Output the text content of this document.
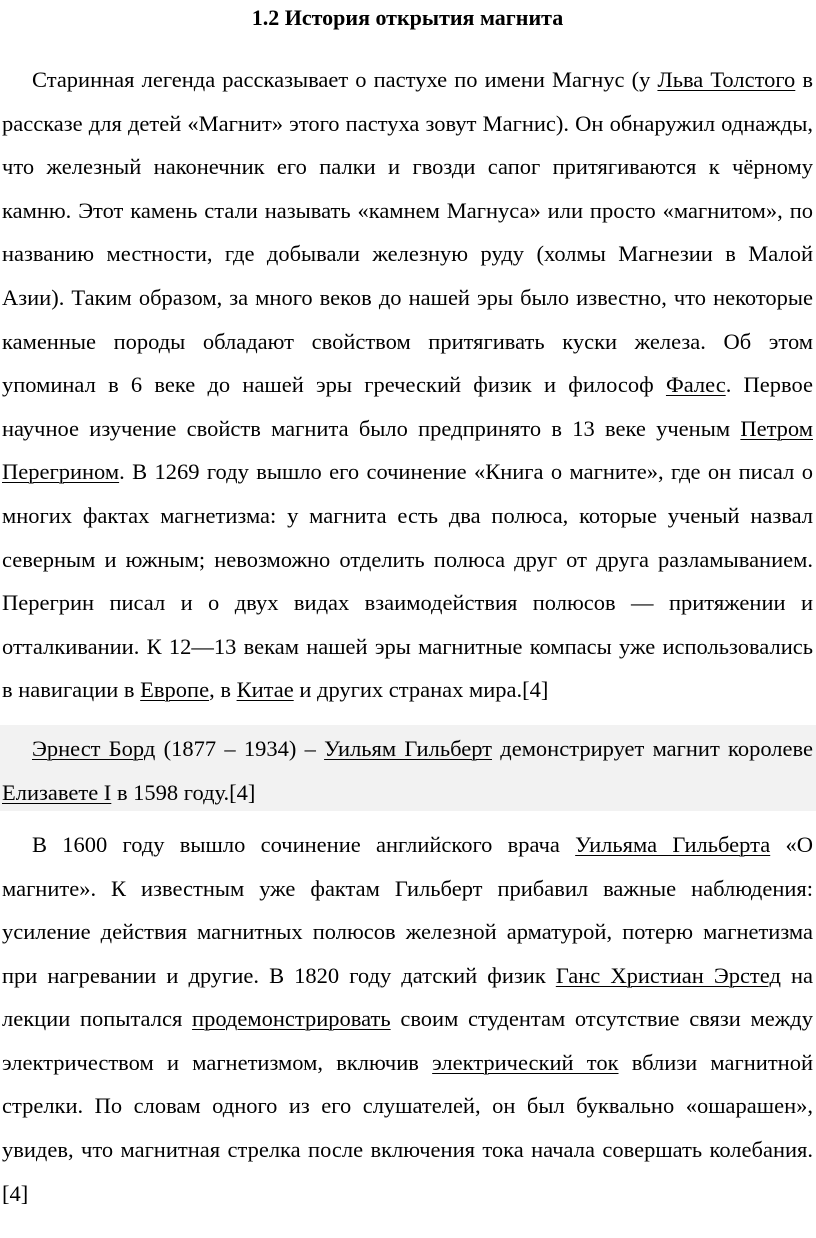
1.2 История открытия магнита

Старинная легенда рассказывает о пастухе по имени Магнус (у Льва Толстого в рассказе для детей «Магнит» этого пастуха зовут Магнис). Он обнаружил однажды, что железный наконечник его палки и гвозди сапог притягиваются к чёрному камню. Этот камень стали называть «камнем Магнуса» или просто «магнитом», по названию местности, где добывали железную руду (холмы Магнезии в Малой Азии). Таким образом, за много веков до нашей эры было известно, что некоторые каменные породы обладают свойством притягивать куски железа. Об этом упоминал в 6 веке до нашей эры греческий физик и философ Фалес. Первое научное изучение свойств магнита было предпринято в 13 веке ученым Петром Перегрином. В 1269 году вышло его сочинение «Книга о магните», где он писал о многих фактах магнетизма: у магнита есть два полюса, которые ученый назвал северным и южным; невозможно отделить полюса друг от друга разламыванием. Перегрин писал и о двух видах взаимодействия полюсов — притяжении и отталкивании. К 12—13 векам нашей эры магнитные компасы уже использовались в навигации в Европе, в Китае и других странах мира.[4]

Эрнест Борд (1877 – 1934) – Уильям Гильберт демонстрирует магнит королеве Елизавете I в 1598 году.[4]

В 1600 году вышло сочинение английского врача Уильяма Гильберта «О магните». К известным уже фактам Гильберт прибавил важные наблюдения: усиление действия магнитных полюсов железной арматурой, потерю магнетизма при нагревании и другие. В 1820 году датский физик Ганс Христиан Эрстед на лекции попытался продемонстрировать своим студентам отсутствие связи между электричеством и магнетизмом, включив электрический ток вблизи магнитной стрелки. По словам одного из его слушателей, он был буквально «ошарашен», увидев, что магнитная стрелка после включения тока начала совершать колебания. [4]
